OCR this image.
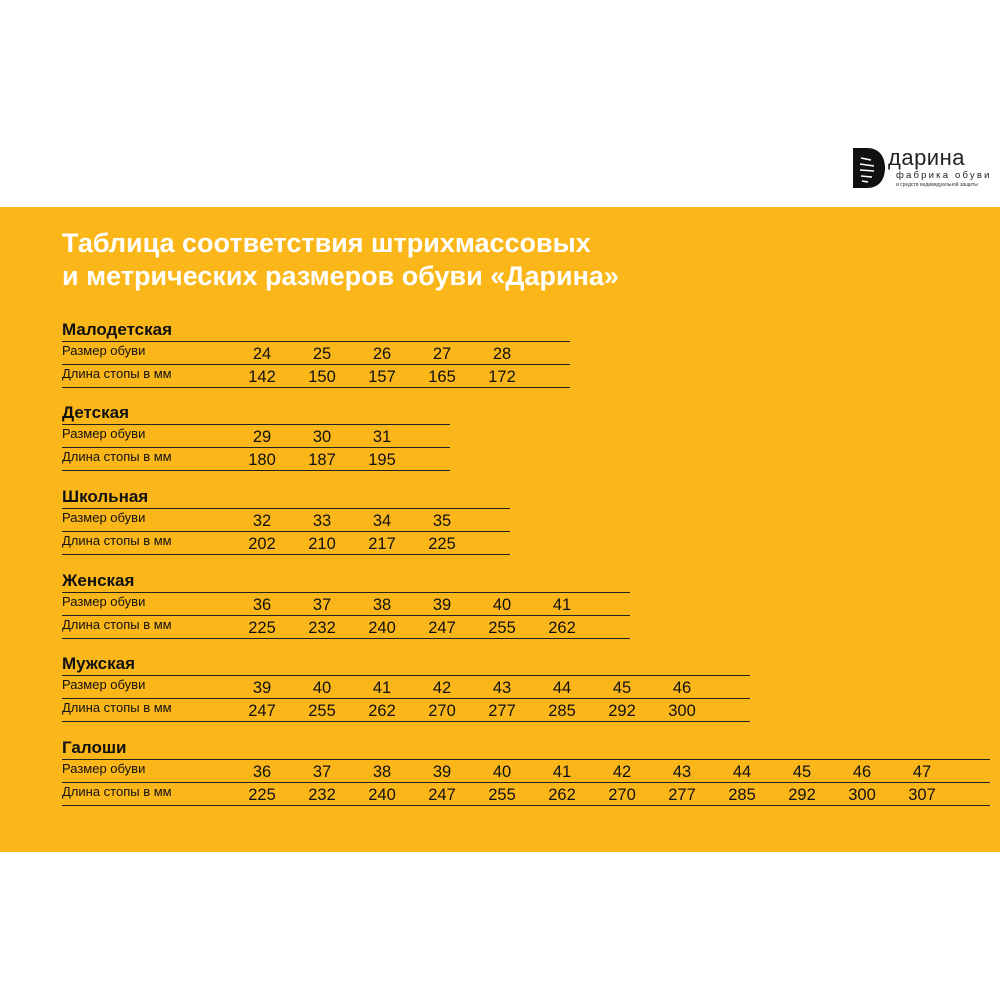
дарина
фабрика обуви
и средств индивидуальной защиты
Таблица соответствия штрихмассовых
и метрических размеров обуви «Дарина»
Малодетская
Размер обуви	24	25	26	27	28
Длина стопы в мм	142	150	157	165	172
Детская
Размер обуви	29	30	31
Длина стопы в мм	180	187	195
Школьная
Размер обуви	32	33	34	35
Длина стопы в мм	202	210	217	225
Женская
Размер обуви	36	37	38	39	40	41
Длина стопы в мм	225	232	240	247	255	262
Мужская
Размер обуви	39	40	41	42	43	44	45	46
Длина стопы в мм	247	255	262	270	277	285	292	300
Галоши
Размер обуви	36	37	38	39	40	41	42	43	44	45	46	47
Длина стопы в мм	225	232	240	247	255	262	270	277	285	292	300	307
